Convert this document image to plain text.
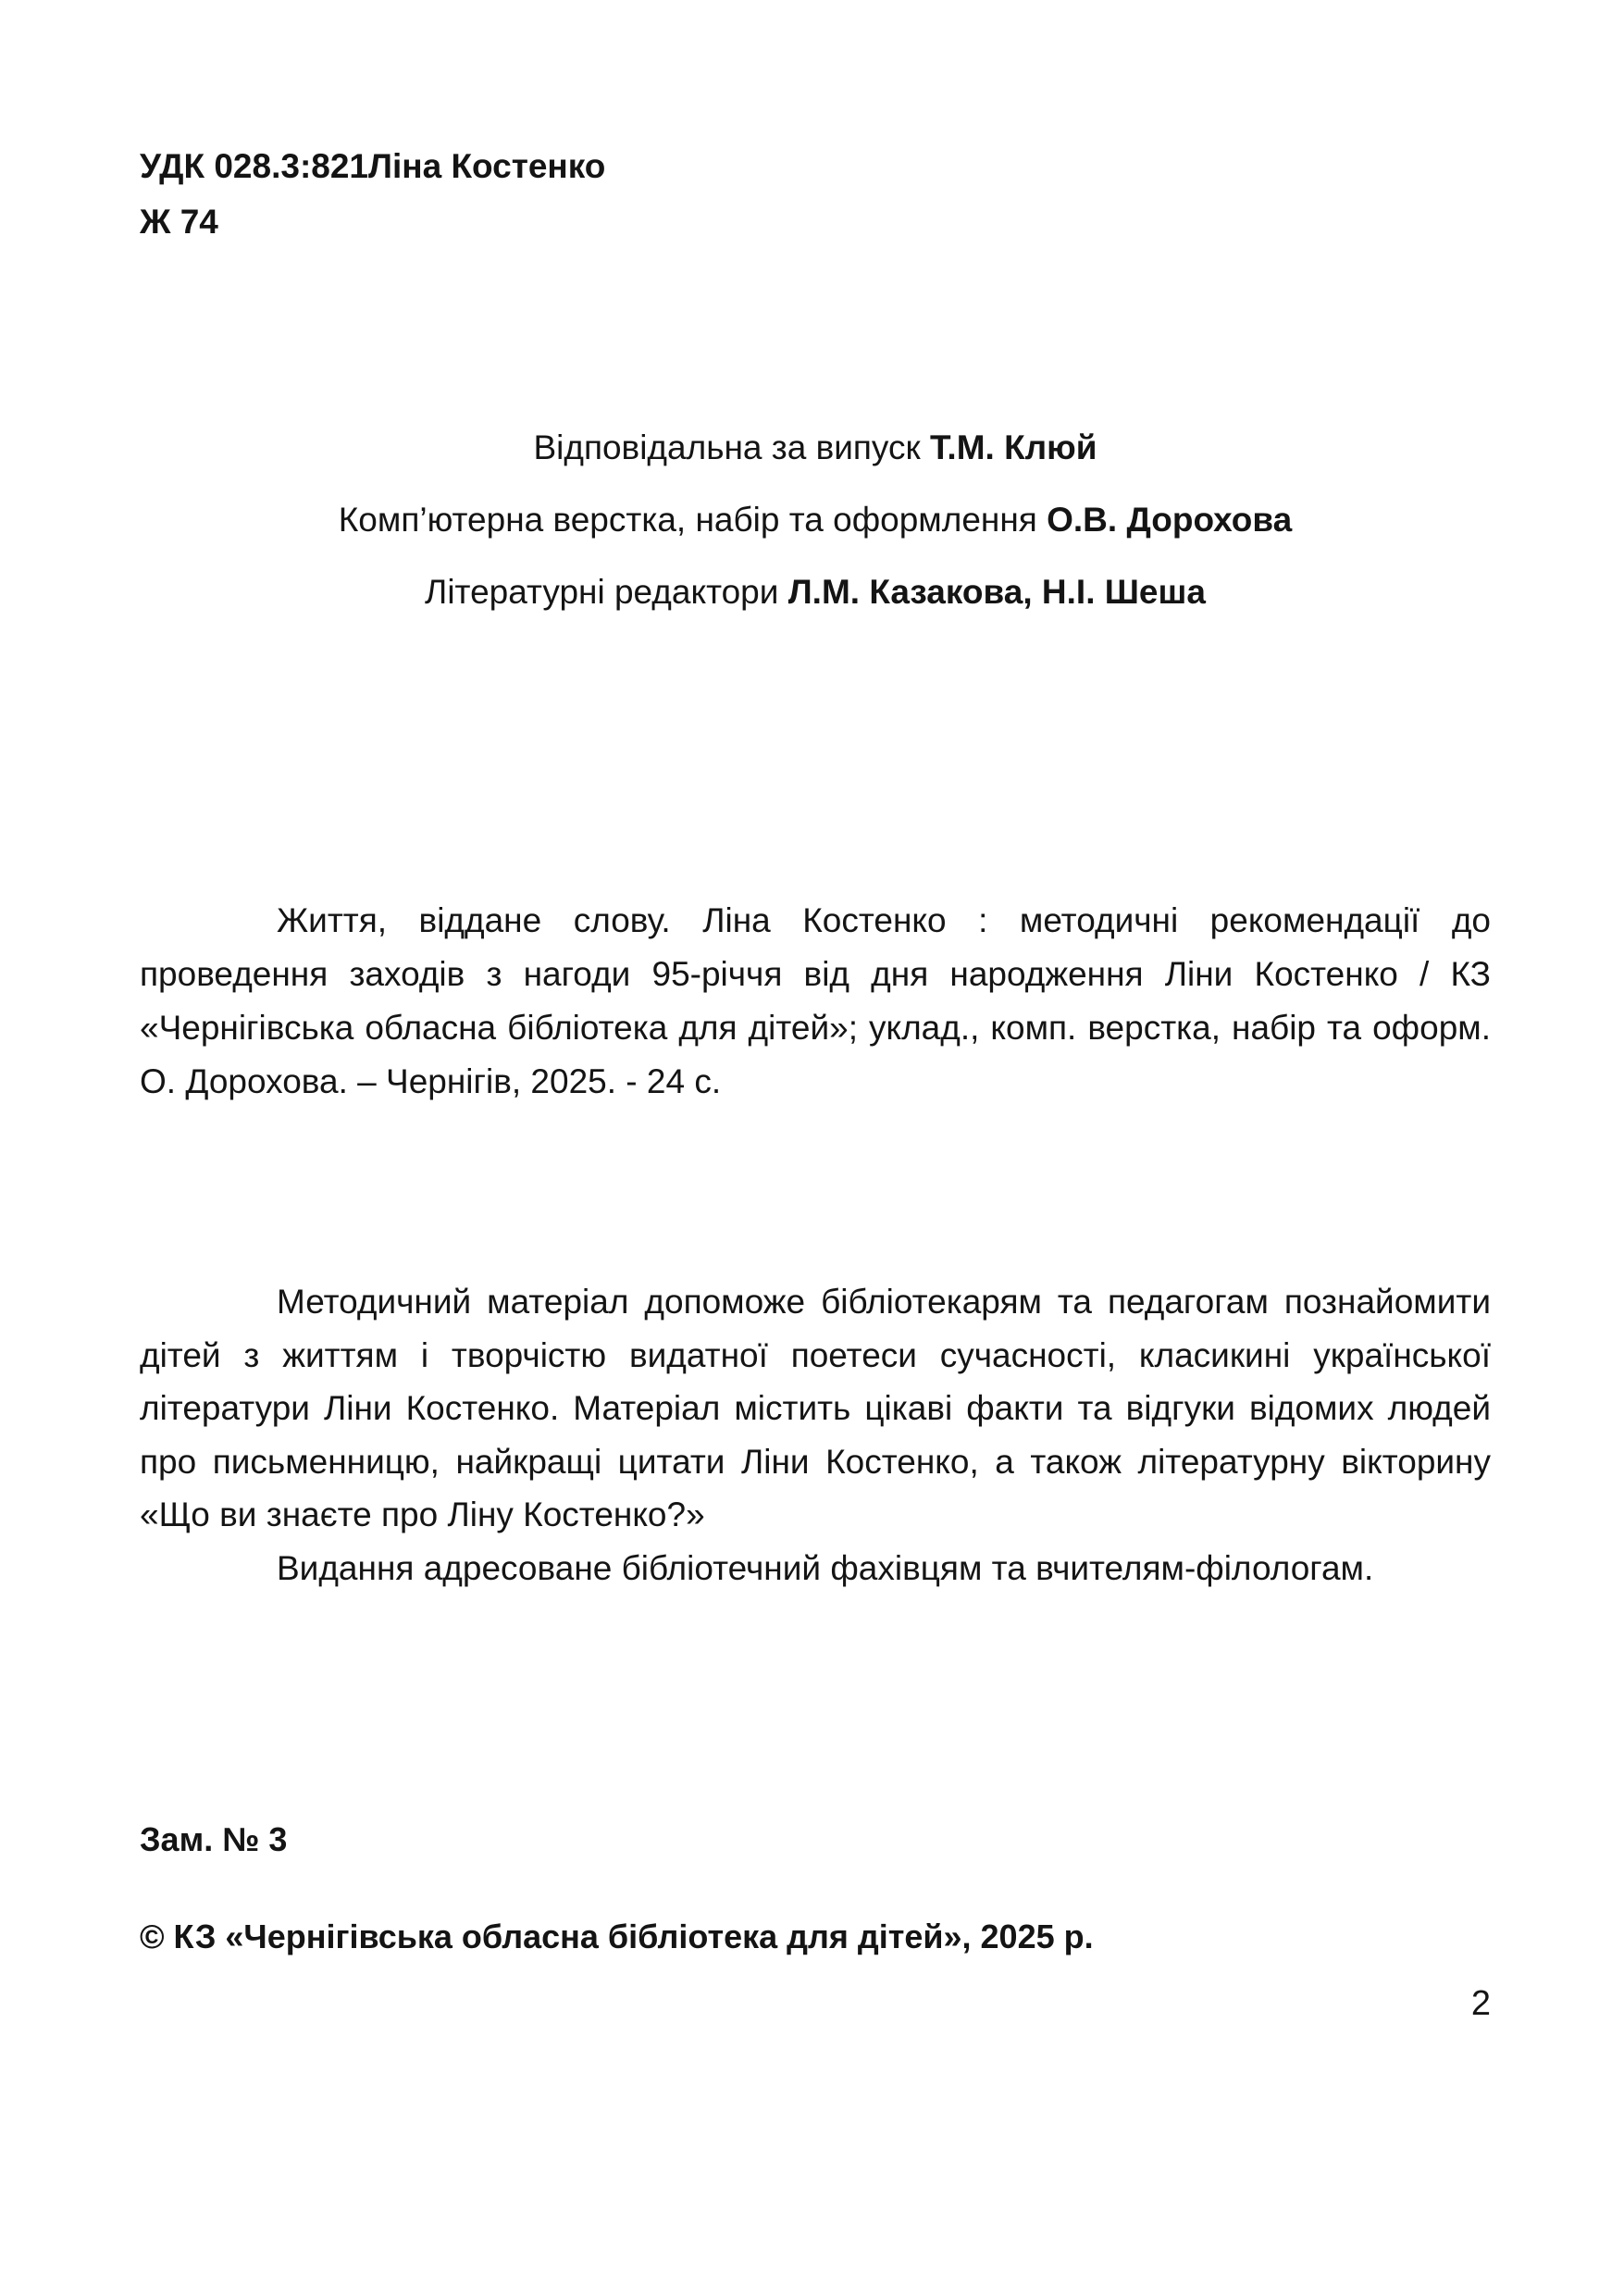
УДК 028.3:821Ліна Костенко
Ж 74
Відповідальна за випуск Т.М. Клюй
Комп’ютерна верстка, набір та оформлення О.В. Дорохова
Літературні редактори Л.М. Казакова, Н.І. Шеша

Життя, віддане слову. Ліна Костенко : методичні рекомендації до проведення заходів з нагоди 95-річчя від дня народження Ліни Костенко / КЗ «Чернігівська обласна бібліотека для дітей»; уклад., комп. верстка, набір та оформ. О. Дорохова. – Чернігів, 2025. - 24 с.

Методичний матеріал допоможе бібліотекарям та педагогам познайомити дітей з життям і творчістю видатної поетеси сучасності, класикині української літератури Ліни Костенко. Матеріал містить цікаві факти та відгуки відомих людей про письменницю, найкращі цитати Ліни Костенко, а також літературну вікторину «Що ви знаєте про Ліну Костенко?»

Видання адресоване бібліотечний фахівцям та вчителям-філологам.

Зам. № 3
© КЗ «Чернігівська обласна бібліотека для дітей», 2025 р.
2
